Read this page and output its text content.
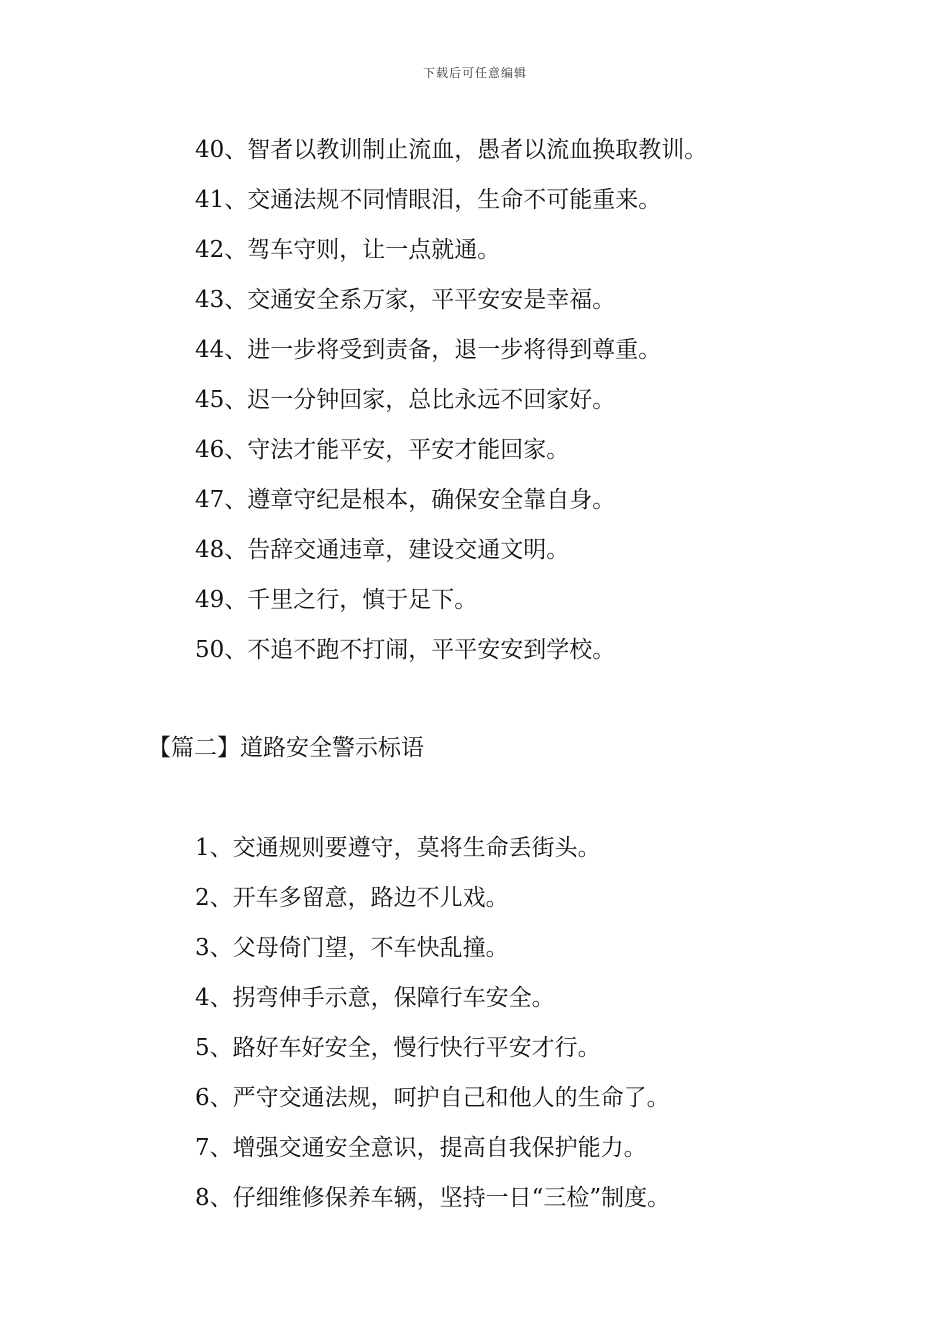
下载后可任意编辑
40、智者以教训制止流血，愚者以流血换取教训。
41、交通法规不同情眼泪，生命不可能重来。
42、驾车守则，让一点就通。
43、交通安全系万家，平平安安是幸福。
44、进一步将受到责备，退一步将得到尊重。
45、迟一分钟回家，总比永远不回家好。
46、守法才能平安，平安才能回家。
47、遵章守纪是根本，确保安全靠自身。
48、告辞交通违章，建设交通文明。
49、千里之行，慎于足下。
50、不追不跑不打闹，平平安安到学校。
【篇二】道路安全警示标语
1、交通规则要遵守，莫将生命丢街头。
2、开车多留意，路边不儿戏。
3、父母倚门望，不车快乱撞。
4、拐弯伸手示意，保障行车安全。
5、路好车好安全，慢行快行平安才行。
6、严守交通法规，呵护自己和他人的生命了。
7、增强交通安全意识，提高自我保护能力。
8、仔细维修保养车辆，坚持一日“三检”制度。
